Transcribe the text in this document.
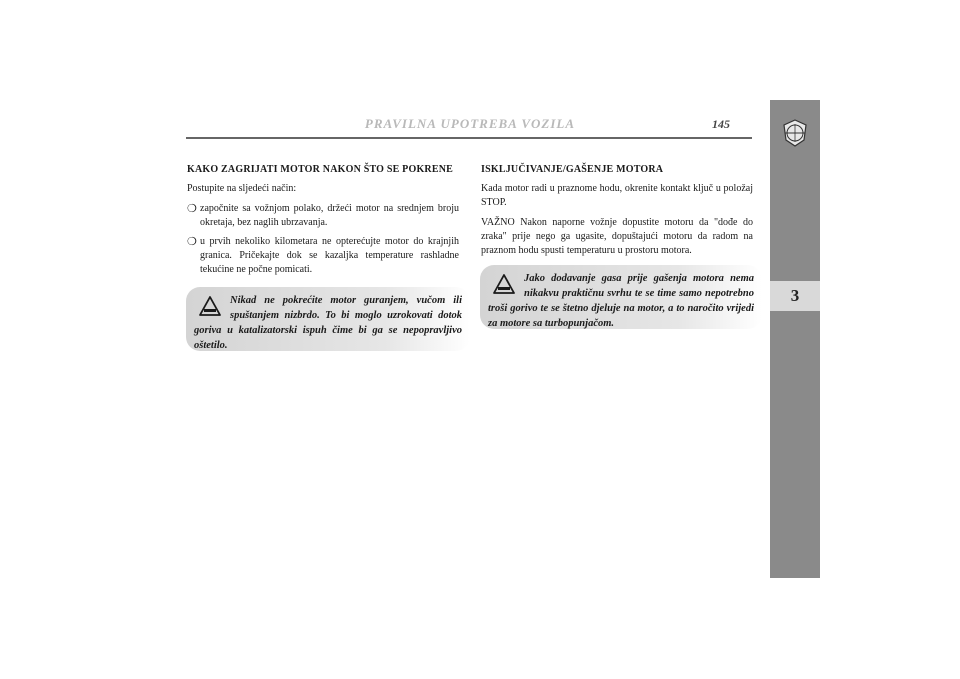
PRAVILNA UPOTREBA VOZILA	145
3
KAKO ZAGRIJATI MOTOR NAKON ŠTO SE POKRENE
Postupite na sljedeći način:
❍ započnite sa vožnjom polako, držeći motor na srednjem broju okretaja, bez naglih ubrzavanja.
❍ u prvih nekoliko kilometara ne opterećujte motor do krajnjih granica. Pričekajte dok se kazaljka temperature rashladne tekućine ne počne pomicati.
Nikad ne pokrećite motor guranjem, vučom ili spuštanjem nizbrdo. To bi moglo uzrokovati dotok goriva u katalizatorski ispuh čime bi ga se nepopravljivo oštetilo.
ISKLJUČIVANJE/GAŠENJE MOTORA
Kada motor radi u praznome hodu, okrenite kontakt ključ u položaj STOP.
VAŽNO Nakon naporne vožnje dopustite motoru da "dođe do zraka" prije nego ga ugasite, dopuštajući motoru da radom na praznom hodu spusti temperaturu u prostoru motora.
Jako dodavanje gasa prije gašenja motora nema nikakvu praktičnu svrhu te se time samo nepotrebno troši gorivo te se štetno djeluje na motor, a to naročito vrijedi za motore sa turbopunjačom.
